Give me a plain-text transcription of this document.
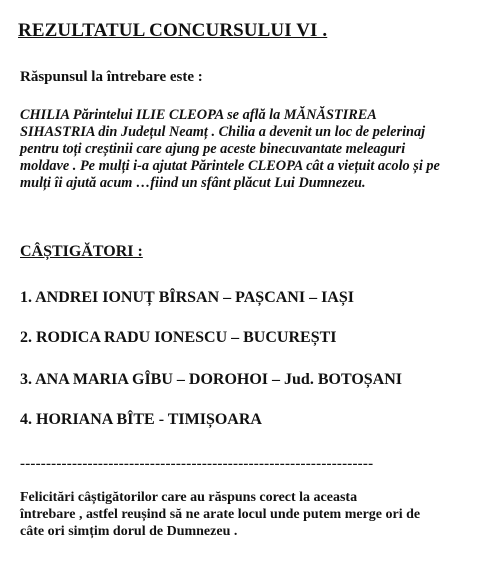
REZULTATUL CONCURSULUI VI .
Răspunsul la întrebare este :
CHILIA Părintelui ILIE CLEOPA se află la MĂNĂSTIREA
SIHASTRIA din Județul Neamț . Chilia a devenit un loc de pelerinaj
pentru toți creștinii care ajung pe aceste binecuvantate meleaguri
moldave . Pe mulți i-a ajutat Părintele CLEOPA cât a viețuit acolo și pe
mulți îi ajută acum …fiind un sfânt plăcut Lui Dumnezeu.
CÂȘTIGĂTORI :
1. ANDREI IONUȚ BÎRSAN – PAȘCANI – IAȘI
2. RODICA RADU IONESCU – BUCUREȘTI
3. ANA MARIA GÎBU – DOROHOI – Jud. BOTOȘANI
4. HORIANA BÎTE - TIMIȘOARA
--------------------------------------------------------------------
Felicitări câștigătorilor care au răspuns corect la aceasta
întrebare , astfel reușind să ne arate locul unde putem merge ori de
câte ori simțim dorul de Dumnezeu .
